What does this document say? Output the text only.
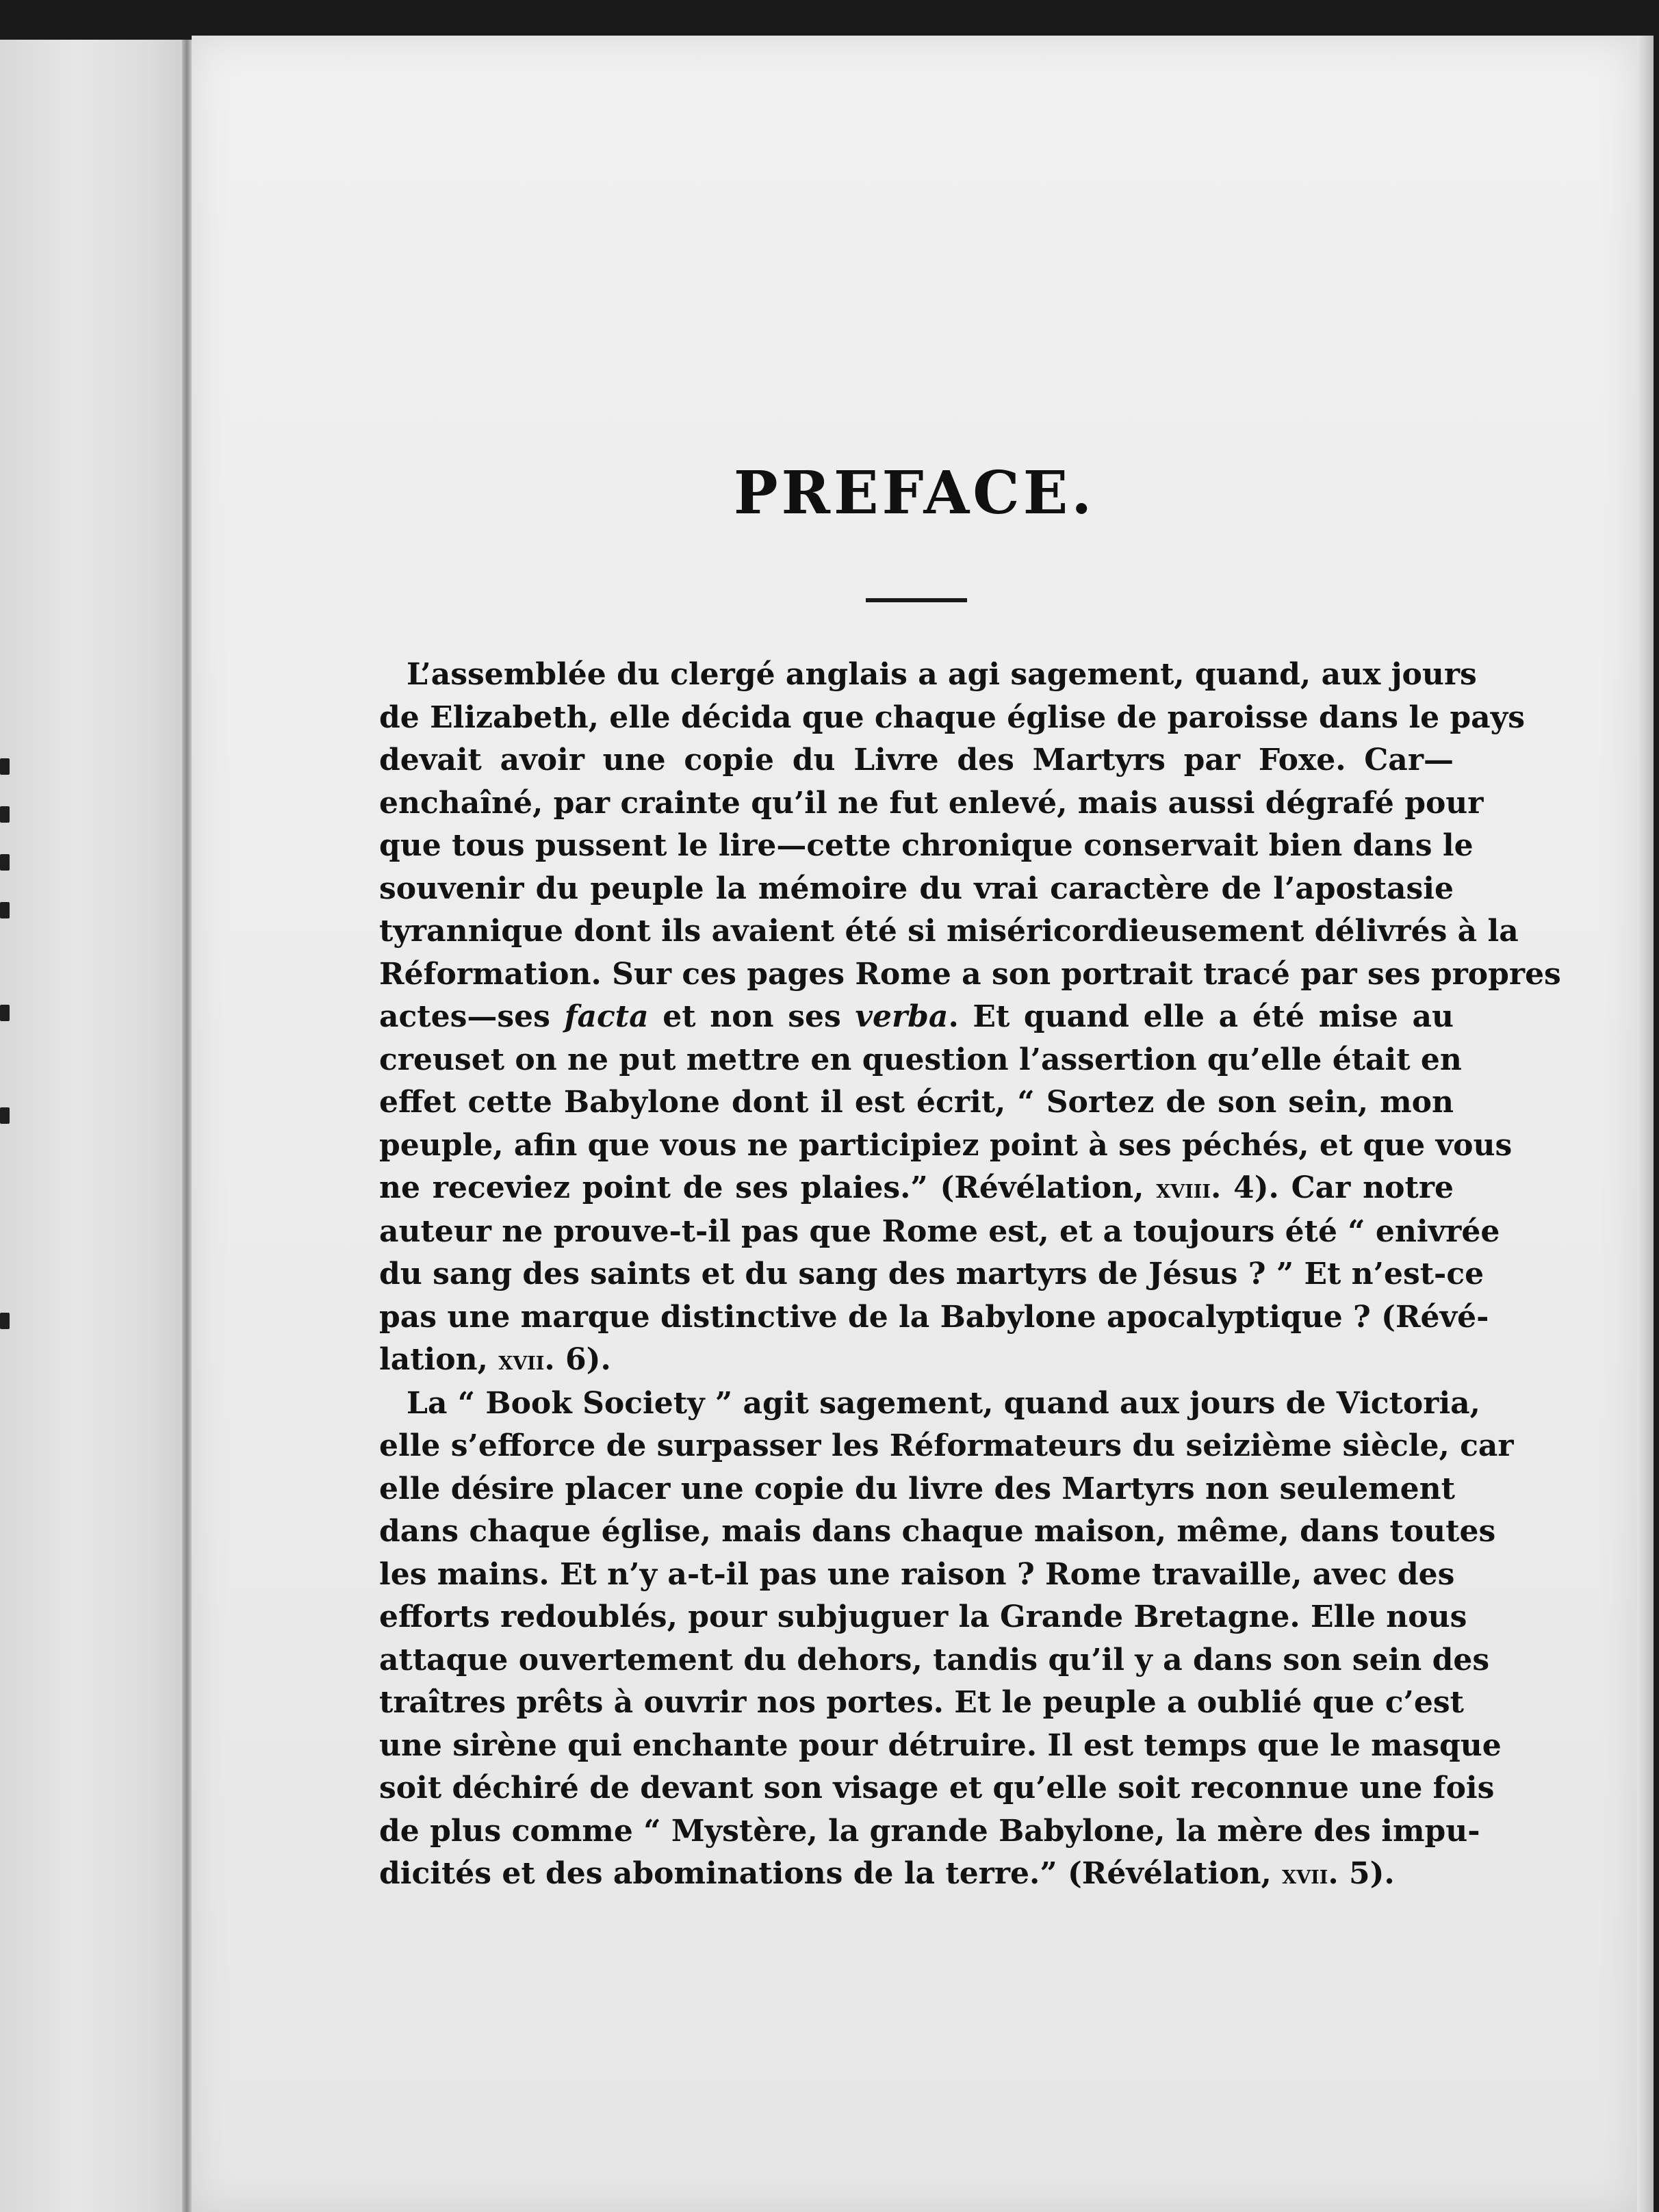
PREFACE.
L’assemblée du clergé anglais a agi sagement, quand, aux jours
de Elizabeth, elle décida que chaque église de paroisse dans le pays
devait avoir une copie du Livre des Martyrs par Foxe. Car—
enchaîné, par crainte qu’il ne fut enlevé, mais aussi dégrafé pour
que tous pussent le lire—cette chronique conservait bien dans le
souvenir du peuple la mémoire du vrai caractère de l’apostasie
tyrannique dont ils avaient été si miséricordieusement délivrés à la
Réformation. Sur ces pages Rome a son portrait tracé par ses propres
actes—ses facta et non ses verba. Et quand elle a été mise au
creuset on ne put mettre en question l’assertion qu’elle était en
effet cette Babylone dont il est écrit, “ Sortez de son sein, mon
peuple, afin que vous ne participiez point à ses péchés, et que vous
ne receviez point de ses plaies.” (Révélation, xviii. 4). Car notre
auteur ne prouve-t-il pas que Rome est, et a toujours été “ enivrée
du sang des saints et du sang des martyrs de Jésus ? ” Et n’est-ce
pas une marque distinctive de la Babylone apocalyptique ? (Révé-
lation, xvii. 6).
La “ Book Society ” agit sagement, quand aux jours de Victoria,
elle s’efforce de surpasser les Réformateurs du seizième siècle, car
elle désire placer une copie du livre des Martyrs non seulement
dans chaque église, mais dans chaque maison, même, dans toutes
les mains. Et n’y a-t-il pas une raison ? Rome travaille, avec des
efforts redoublés, pour subjuguer la Grande Bretagne. Elle nous
attaque ouvertement du dehors, tandis qu’il y a dans son sein des
traîtres prêts à ouvrir nos portes. Et le peuple a oublié que c’est
une sirène qui enchante pour détruire. Il est temps que le masque
soit déchiré de devant son visage et qu’elle soit reconnue une fois
de plus comme “ Mystère, la grande Babylone, la mère des impu-
dicités et des abominations de la terre.” (Révélation, xvii. 5).
